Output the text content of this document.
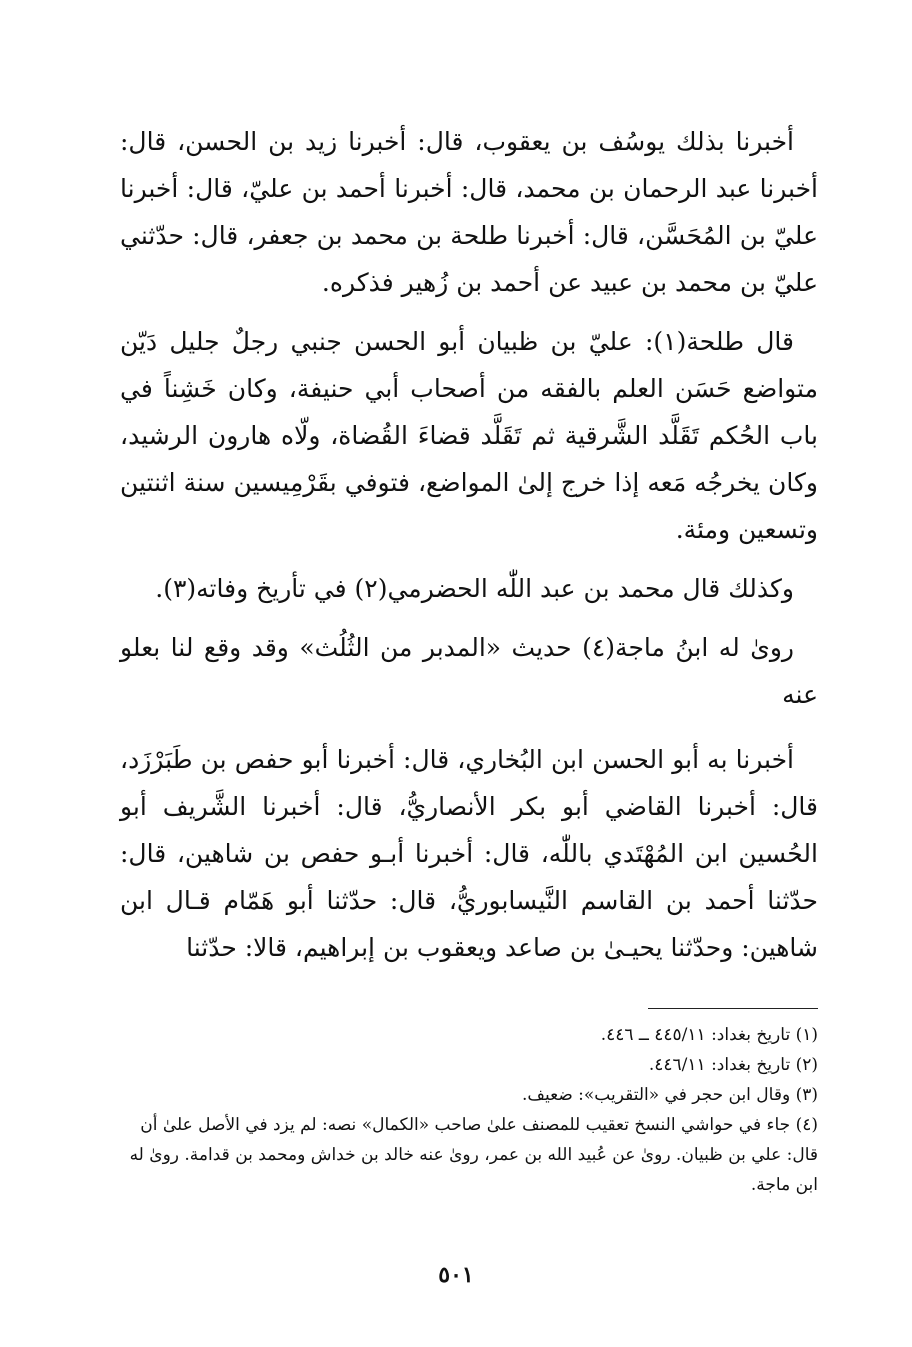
أخبرنا بذلك يوسُف بن يعقوب، قال: أخبرنا زيد بن الحسن، قال: أخبرنا عبد الرحمان بن محمد، قال: أخبرنا أحمد بن عليّ، قال: أخبرنا عليّ بن المُحَسَّن، قال: أخبرنا طلحة بن محمد بن جعفر، قال: حدّثني عليّ بن محمد بن عبيد عن أحمد بن زُهير فذكره.

قال طلحة(١): عليّ بن ظبيان أبو الحسن جنبي رجلٌ جليل دَيّن متواضع حَسَن العلم بالفقه من أصحاب أبي حنيفة، وكان خَشِناً في باب الحُكم تَقَلَّد الشَّرقية ثم تَقَلَّد قضاءَ القُضاة، ولّاه هارون الرشيد، وكان يخرجُه مَعه إذا خرج إلىٰ المواضع، فتوفي بقَرْمِيسين سنة اثنتين وتسعين ومئة.

وكذلك قال محمد بن عبد اللّٰه الحضرمي(٢) في تأريخ وفاته(٣).

رویٰ له ابنُ ماجة(٤) حديث «المدبر من الثُلُث» وقد وقع لنا بعلو عنه

أخبرنا به أبو الحسن ابن البُخاري، قال: أخبرنا أبو حفص بن طَبَرْزَد، قال: أخبرنا القاضي أبو بكر الأنصاريُّ، قال: أخبرنا الشَّريف أبو الحُسين ابن المُهْتَدي باللّٰه، قال: أخبرنا أبـو حفص بن شاهين، قال: حدّثنا أحمد بن القاسم النَّيسابوريُّ، قال: حدّثنا أبو هَمّام قـال ابن شاهين: وحدّثنا يحيـىٰ بن صاعد ويعقوب بن إبراهيم، قالا: حدّثنا

(١) تاريخ بغداد: ٤٤٥/١١ ــ ٤٤٦.

(٢) تاريخ بغداد: ٤٤٦/١١.

(٣) وقال ابن حجر في «التقريب»: ضعيف.

(٤) جاء في حواشي النسخ تعقيب للمصنف علىٰ صاحب «الكمال» نصه: لم يزد في الأصل علىٰ أن قال: علي بن ظبيان. روىٰ عن عُبيد الله بن عمر، روىٰ عنه خالد بن خداش ومحمد بن قدامة. روىٰ له ابن ماجة.

٥٠١
